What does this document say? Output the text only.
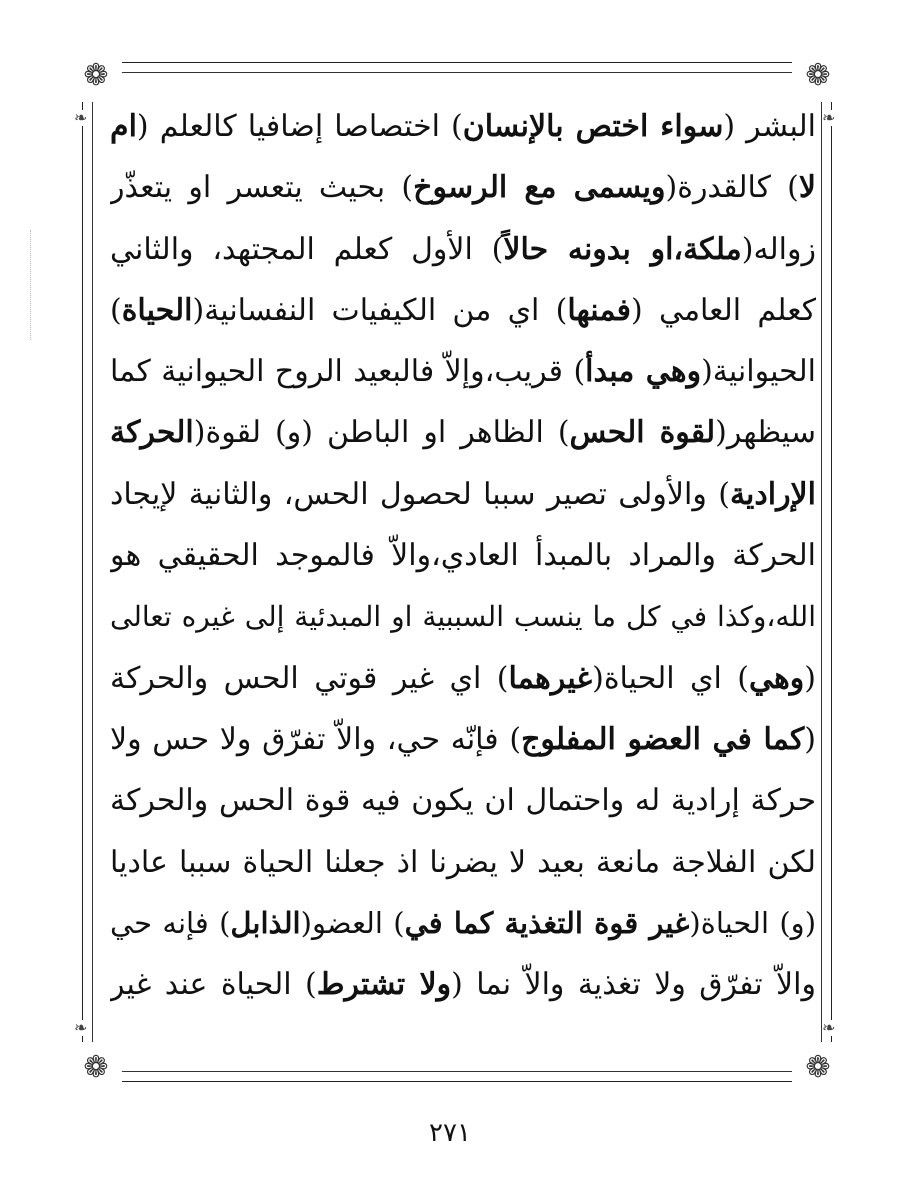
❁	❁
❁	❁
❧	❧
❧	❧
البشر (سواء اختص بالإنسان) اختصاصا إضافيا كالعلم (ام
لا) كالقدرة(ويسمى مع الرسوخ) بحيث يتعسر او يتعذّر
زواله(ملكة،او بدونه حالاً) الأول كعلم المجتهد، والثاني
كعلم العامي (فمنها) اي من الكيفيات النفسانية(الحياة)
الحيوانية(وهي مبدأ) قريب،وإلاّ فالبعيد الروح الحيوانية كما
سيظهر(لقوة الحس) الظاهر او الباطن (و) لقوة(الحركة
الإرادية) والأولى تصير سببا لحصول الحس، والثانية لإيجاد
الحركة والمراد بالمبدأ العادي،والاّ فالموجد الحقيقي هو
الله،وكذا في كل ما ينسب السببية او المبدئية إلى غيره تعالى
(وهي) اي الحياة(غيرهما) اي غير قوتي الحس والحركة
(كما في العضو المفلوج) فإنّه حي، والاّ تفرّق ولا حس ولا
حركة إرادية له واحتمال ان يكون فيه قوة الحس والحركة
لكن الفلاجة مانعة بعيد لا يضرنا اذ جعلنا الحياة سببا عاديا
(و) الحياة(غير قوة التغذية كما في) العضو(الذابل) فإنه حي
والاّ تفرّق ولا تغذية والاّ نما (ولا تشترط) الحياة عند غير
٢٧١
